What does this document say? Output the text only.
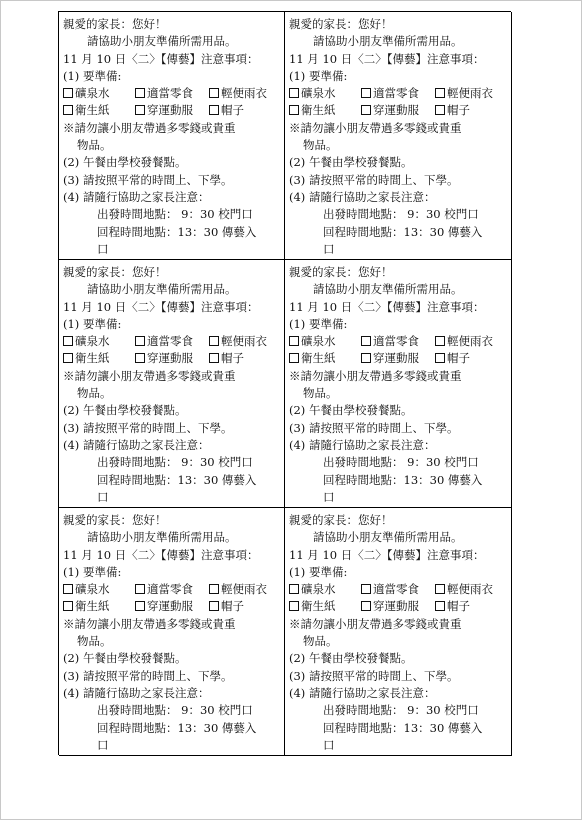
親愛的家長：您好！
請協助小朋友準備所需用品。
11 月 10 日〈二〉【傳藝】注意事項：
(1) 要準備:
礦泉水	適當零食 輕便雨衣
衛生紙	穿運動服 帽子
※請勿讓小朋友帶過多零錢或貴重
物品。
(2) 午餐由學校發餐點。
(3) 請按照平常的時間上、下學。
(4) 請隨行協助之家長注意：
出發時間地點： 9：30 校門口
回程時間地點：13：30 傳藝入
口
親愛的家長：您好！
請協助小朋友準備所需用品。
11 月 10 日〈二〉【傳藝】注意事項：
(1) 要準備:
礦泉水	適當零食 輕便雨衣
衛生紙	穿運動服 帽子
※請勿讓小朋友帶過多零錢或貴重
物品。
(2) 午餐由學校發餐點。
(3) 請按照平常的時間上、下學。
(4) 請隨行協助之家長注意：
出發時間地點： 9：30 校門口
回程時間地點：13：30 傳藝入
口
親愛的家長：您好！
請協助小朋友準備所需用品。
11 月 10 日〈二〉【傳藝】注意事項：
(1) 要準備:
礦泉水	適當零食 輕便雨衣
衛生紙	穿運動服 帽子
※請勿讓小朋友帶過多零錢或貴重
物品。
(2) 午餐由學校發餐點。
(3) 請按照平常的時間上、下學。
(4) 請隨行協助之家長注意：
出發時間地點： 9：30 校門口
回程時間地點：13：30 傳藝入
口
親愛的家長：您好！
請協助小朋友準備所需用品。
11 月 10 日〈二〉【傳藝】注意事項：
(1) 要準備:
礦泉水	適當零食 輕便雨衣
衛生紙	穿運動服 帽子
※請勿讓小朋友帶過多零錢或貴重
物品。
(2) 午餐由學校發餐點。
(3) 請按照平常的時間上、下學。
(4) 請隨行協助之家長注意：
出發時間地點： 9：30 校門口
回程時間地點：13：30 傳藝入
口
親愛的家長：您好！
請協助小朋友準備所需用品。
11 月 10 日〈二〉【傳藝】注意事項：
(1) 要準備:
礦泉水	適當零食 輕便雨衣
衛生紙	穿運動服 帽子
※請勿讓小朋友帶過多零錢或貴重
物品。
(2) 午餐由學校發餐點。
(3) 請按照平常的時間上、下學。
(4) 請隨行協助之家長注意：
出發時間地點： 9：30 校門口
回程時間地點：13：30 傳藝入
口
親愛的家長：您好！
請協助小朋友準備所需用品。
11 月 10 日〈二〉【傳藝】注意事項：
(1) 要準備:
礦泉水	適當零食 輕便雨衣
衛生紙	穿運動服 帽子
※請勿讓小朋友帶過多零錢或貴重
物品。
(2) 午餐由學校發餐點。
(3) 請按照平常的時間上、下學。
(4) 請隨行協助之家長注意：
出發時間地點： 9：30 校門口
回程時間地點：13：30 傳藝入
口
